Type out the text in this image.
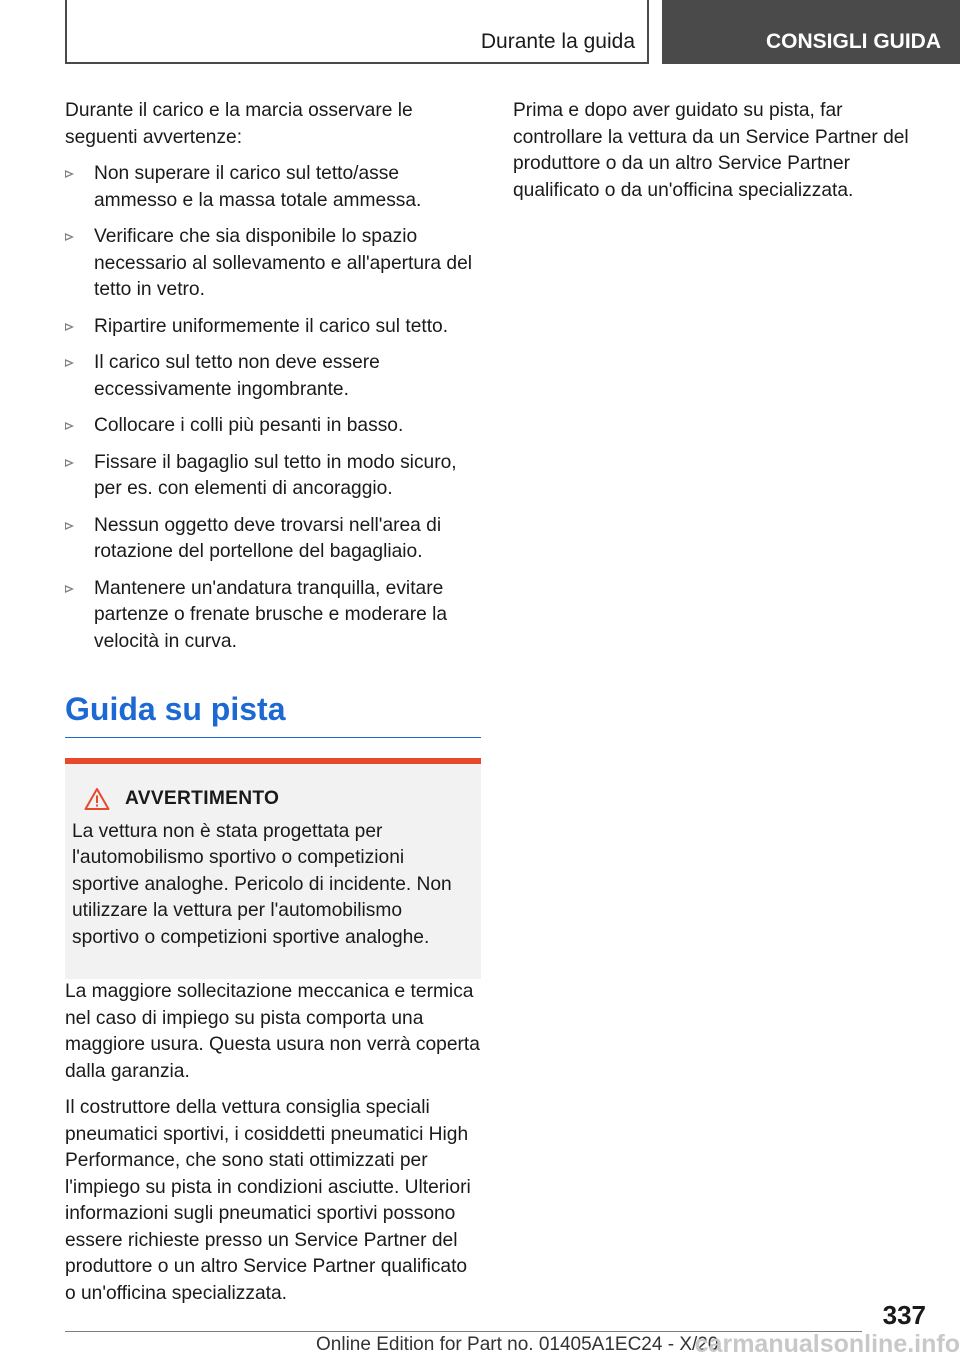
Durante la guida	CONSIGLI GUIDA

Durante il carico e la marcia osservare le seguenti avvertenze:

Non superare il carico sul tetto/asse ammesso e la massa totale ammessa.
Verificare che sia disponibile lo spazio necessario al sollevamento e all'apertura del tetto in vetro.
Ripartire uniformemente il carico sul tetto.
Il carico sul tetto non deve essere eccessivamente ingombrante.
Collocare i colli più pesanti in basso.
Fissare il bagaglio sul tetto in modo sicuro, per es. con elementi di ancoraggio.
Nessun oggetto deve trovarsi nell'area di rotazione del portellone del bagagliaio.
Mantenere un'andatura tranquilla, evitare partenze o frenate brusche e moderare la velocità in curva.
Guida su pista
AVVERTIMENTO

La vettura non è stata progettata per l'automobilismo sportivo o competizioni sportive analoghe. Pericolo di incidente. Non utilizzare la vettura per l'automobilismo sportivo o competizioni sportive analoghe.

La maggiore sollecitazione meccanica e termica nel caso di impiego su pista comporta una maggiore usura. Questa usura non verrà coperta dalla garanzia.

Il costruttore della vettura consiglia speciali pneumatici sportivi, i cosiddetti pneumatici High Performance, che sono stati ottimizzati per l'impiego su pista in condizioni asciutte. Ulteriori informazioni sugli pneumatici sportivi possono essere richieste presso un Service Partner del produttore o un altro Service Partner qualificato o un'officina specializzata.

Prima e dopo aver guidato su pista, far controllare la vettura da un Service Partner del produttore o da un altro Service Partner qualificato o da un'officina specializzata.

337
Online Edition for Part no. 01405A1EC24 - X/20
carmanualsonline.info
